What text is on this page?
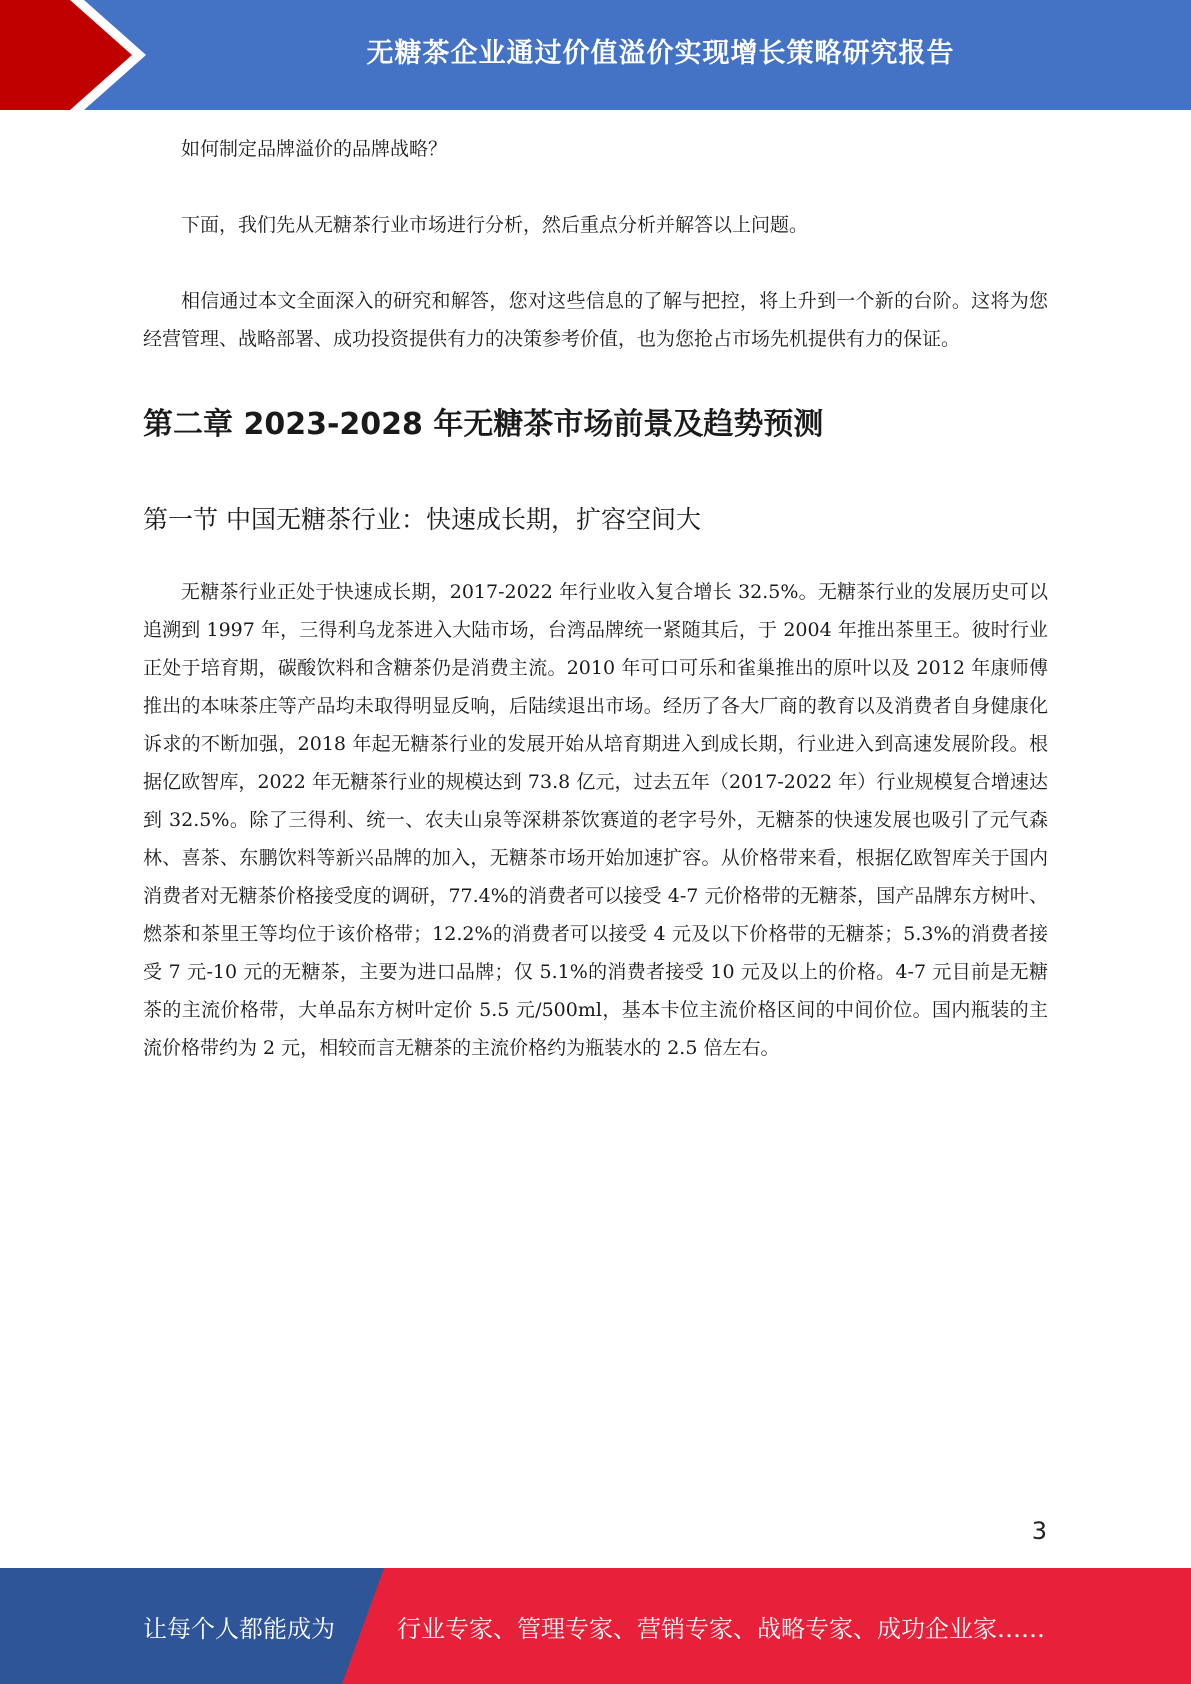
无糖茶企业通过价值溢价实现增长策略研究报告

如何制定品牌溢价的品牌战略？

下面，我们先从无糖茶行业市场进行分析，然后重点分析并解答以上问题。

相信通过本文全面深入的研究和解答，您对这些信息的了解与把控，将上升到一个新的台阶。这将为您经营管理、战略部署、成功投资提供有力的决策参考价值，也为您抢占市场先机提供有力的保证。

第二章 2023-2028 年无糖茶市场前景及趋势预测
第一节 中国无糖茶行业：快速成长期，扩容空间大

无糖茶行业正处于快速成长期，2017-2022 年行业收入复合增长 32.5%。无糖茶行业的发展历史可以追溯到 1997 年，三得利乌龙茶进入大陆市场，台湾品牌统一紧随其后，于 2004 年推出茶里王。彼时行业正处于培育期，碳酸饮料和含糖茶仍是消费主流。2010 年可口可乐和雀巢推出的原叶以及 2012 年康师傅推出的本味茶庄等产品均未取得明显反响，后陆续退出市场。经历了各大厂商的教育以及消费者自身健康化诉求的不断加强，2018 年起无糖茶行业的发展开始从培育期进入到成长期，行业进入到高速发展阶段。根据亿欧智库，2022 年无糖茶行业的规模达到 73.8 亿元，过去五年（2017-2022 年）行业规模复合增速达到 32.5%。除了三得利、统一、农夫山泉等深耕茶饮赛道的老字号外，无糖茶的快速发展也吸引了元气森林、喜茶、东鹏饮料等新兴品牌的加入，无糖茶市场开始加速扩容。从价格带来看，根据亿欧智库关于国内消费者对无糖茶价格接受度的调研，77.4%的消费者可以接受 4-7 元价格带的无糖茶，国产品牌东方树叶、燃茶和茶里王等均位于该价格带；12.2%的消费者可以接受 4 元及以下价格带的无糖茶；5.3%的消费者接受 7 元-10 元的无糖茶，主要为进口品牌；仅 5.1%的消费者接受 10 元及以上的价格。4-7 元目前是无糖茶的主流价格带，大单品东方树叶定价 5.5 元/500ml，基本卡位主流价格区间的中间价位。国内瓶装的主流价格带约为 2 元，相较而言无糖茶的主流价格约为瓶装水的 2.5 倍左右。

3
让每个人都能成为	行业专家、管理专家、营销专家、战略专家、成功企业家……
